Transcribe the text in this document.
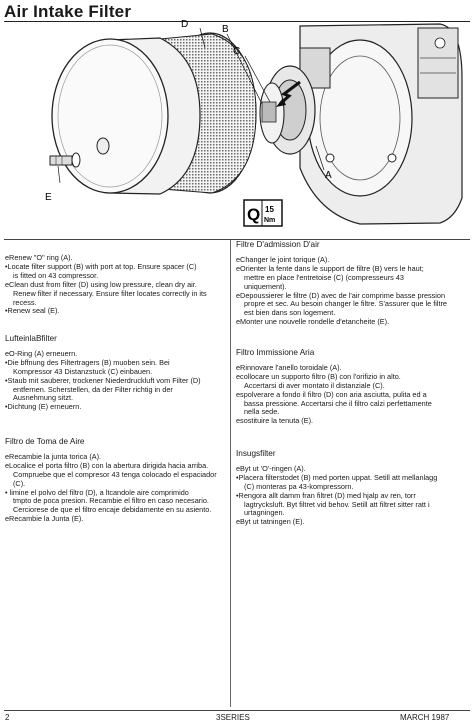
Air Intake Filter
D	B
C
E
A
Q 15
Nm
eRenew "O" ring (A).
•Locate filter support (B) with port at top. Ensure spacer (C)
is fitted on 43 compressor.
eClean dust from filter (D) using low pressure, clean dry air.
Renew filter if necessary. Ensure filter locates correctly in its
recess.
•Renew seal (E).
Filtre D'admission D'air
eChanger le joint torique (A).
eOrienter la fente dans le support de filtre (B) vers le haut;
mettre en place l'entretoise (C) (compresseurs 43
uniquement).
eDepoussierer le filtre (D) avec de l'air comprime basse pression
propre et sec. Au besoin changer le filtre. S'assurer que le filtre
est bien dans son logement.
eMonter une nouvelle rondelle d'etancheite (E).
LufteinlaBfilter
eO-Ring (A) erneuern.
•Die bffnung des Filtertragers (B) muoben sein. Bei
Kompressor 43 Distanzstuck (C) einbauen.
•Staub mit sauberer, trockener Niederdruckluft vom Filter (D)
entfernen. Scherstellen, da der Filter richtig in der
Ausnehmung sitzt.
•Dichtung (E) erneuern.
Filtro Immissione Aria
eRinnovare l'anello toroidale (A).
ecollocare un supporto filtro (B) con l'orifizio in alto.
Accertarsi di aver montato il distanziale (C).
espolverare a fondo il filtro (D) con aria asciutta, pulita ed a
bassa pressione. Accertarsi che il filtro calzi perfettamente
nella sede.
esostituire la tenuta (E).
Filtro de Toma de Aire
eRecambie la junta torica (A).
eLocalice el porta filtro (B) con la abertura dirigida hacia arriba.
Compruebe que el compresor 43 tenga colocado el espaciador
(C).
• limine el polvo del filtro (D), a ltcandole aire comprimido
tmpto de poca presion. Recambie el filtro en caso necesario.
Cerciorese de que el filtro encaje debidamente en su asiento.
eRecambie la Junta (E).
Insugsfilter
eByt ut 'O'-ringen (A).
•Placera filterstodet (B) med porten uppat. Setill att mellanlagg
(C) monteras pa 43-kompressorn.
•Rengora allt damm fran filtret (D) med hjalp av ren, torr
lagtrycksluft. Byt filtret vid behov. Setill att filtret sitter ratt i
urtagningen.
eByt ut tatningen (E).
2	3SERIES	MARCH 1987
